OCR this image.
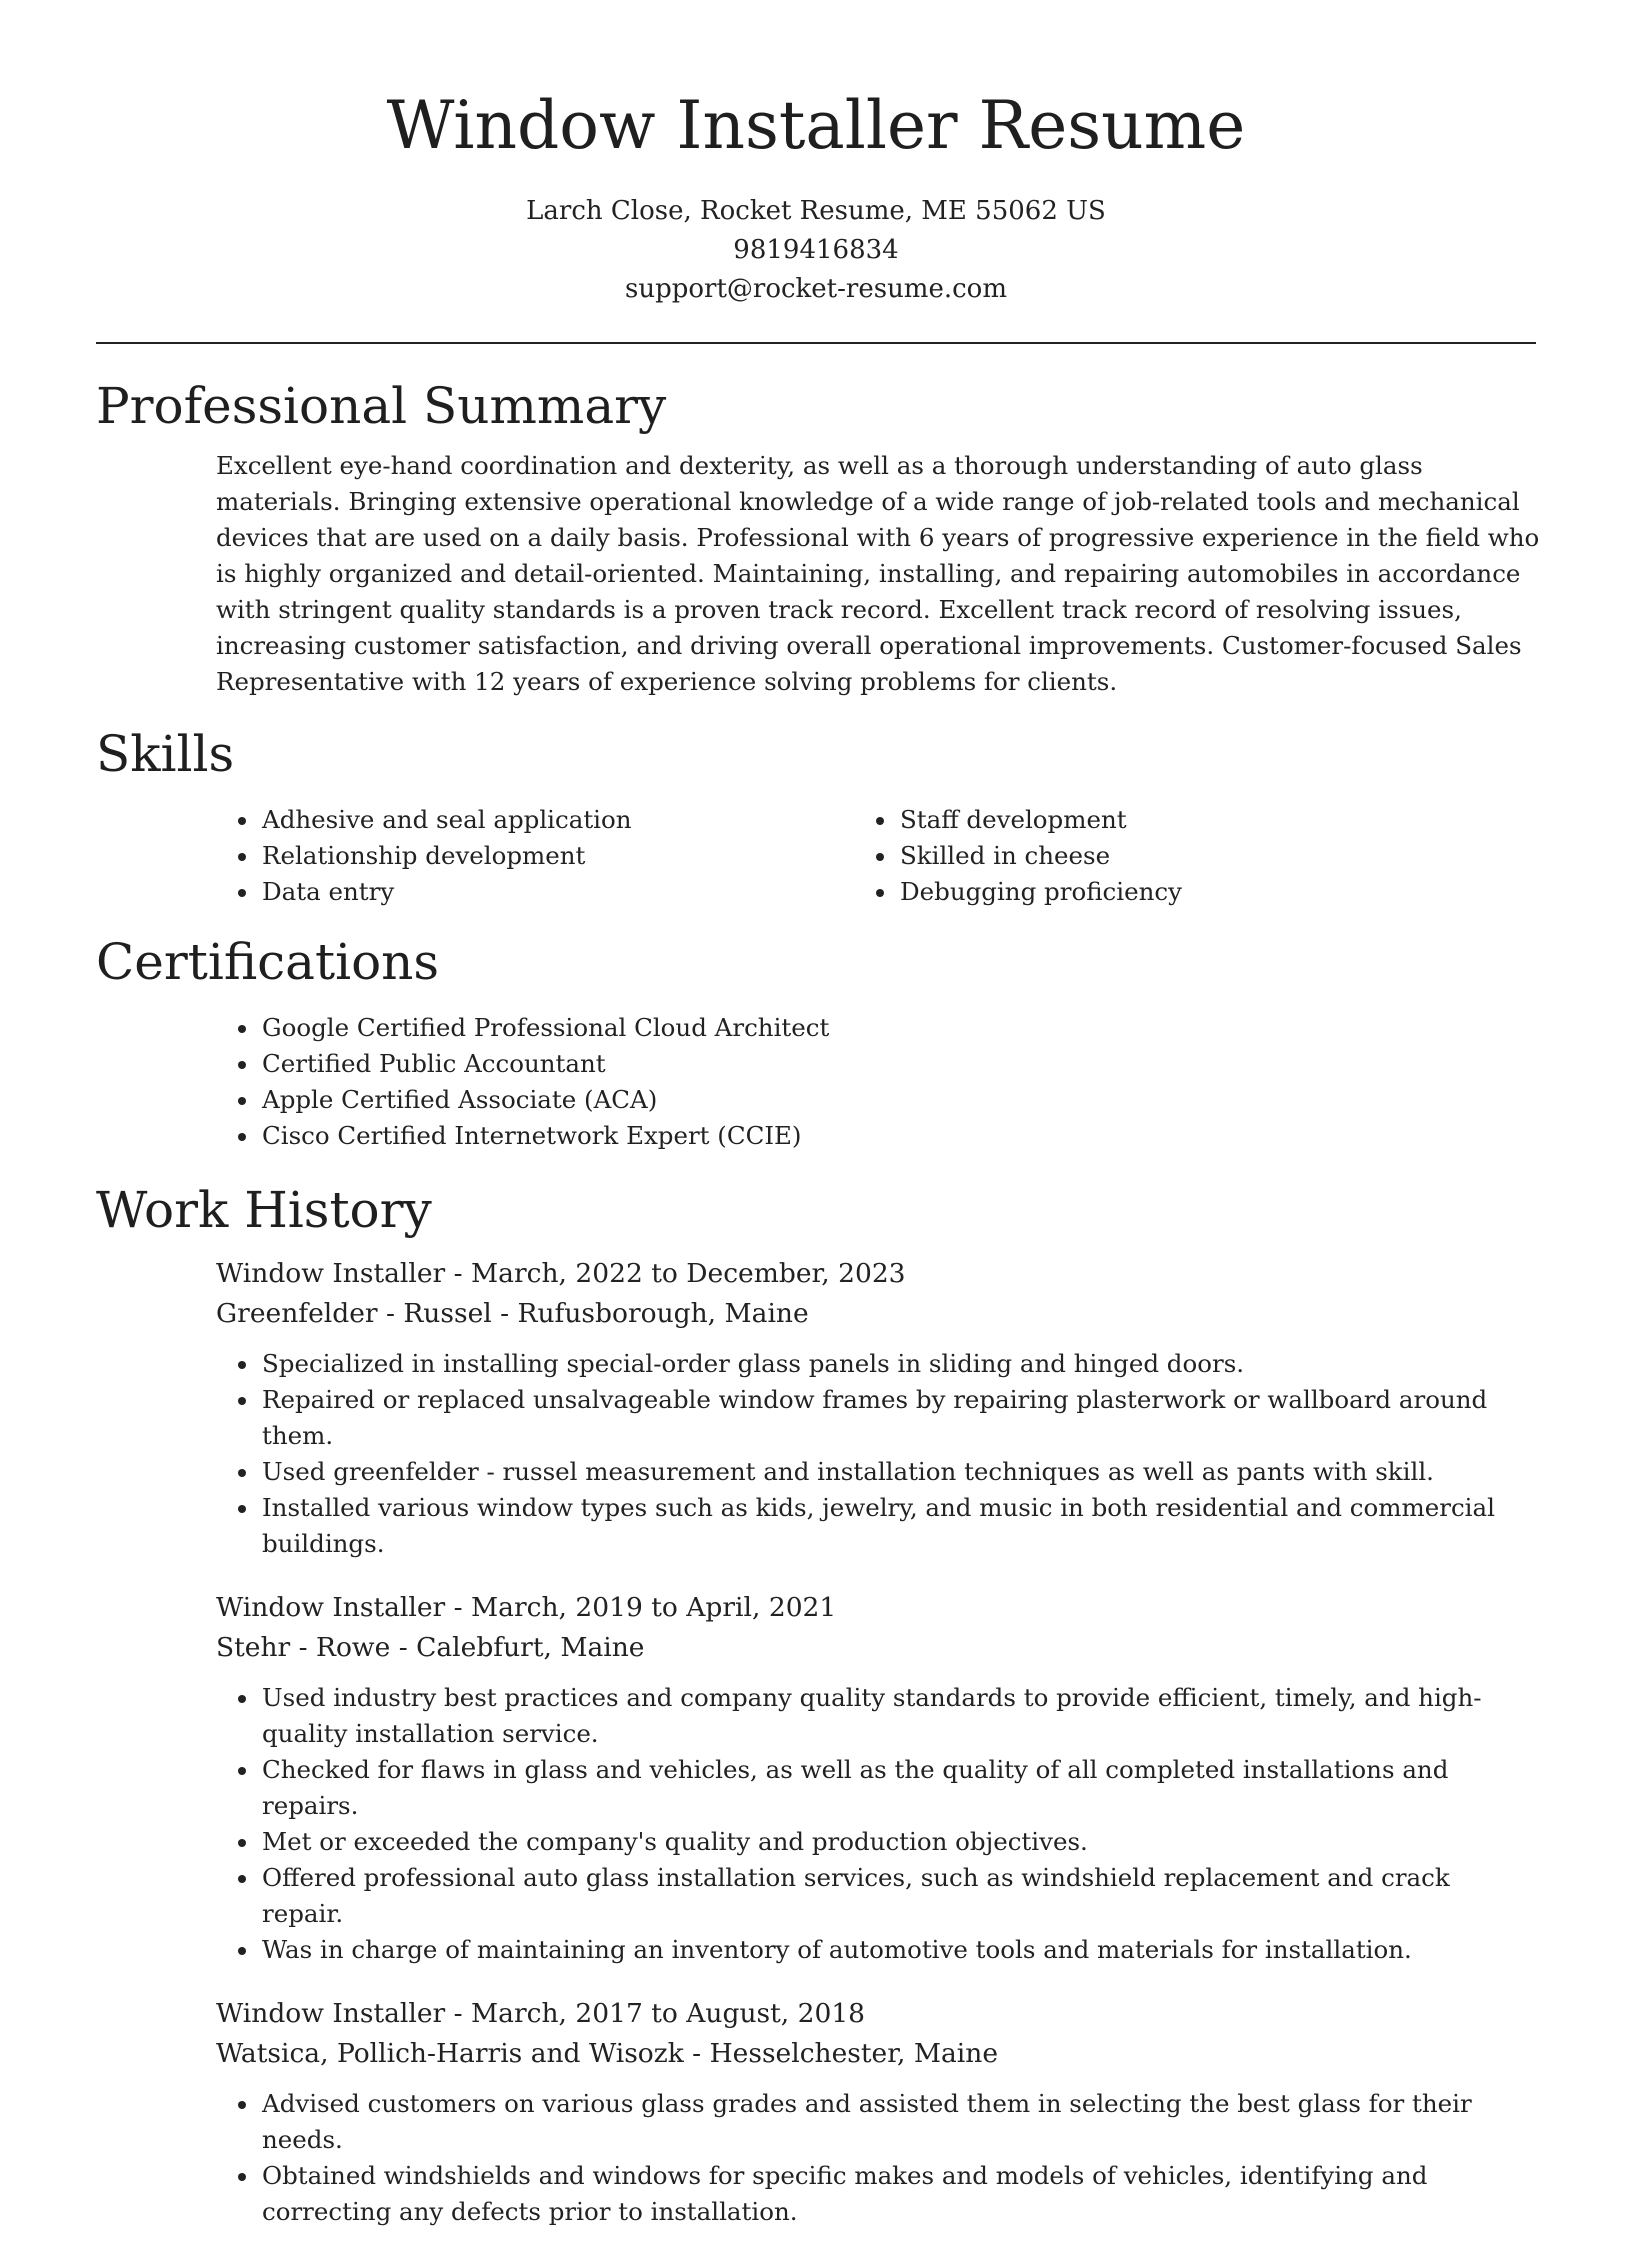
Window Installer Resume

Larch Close, Rocket Resume, ME 55062 US

9819416834

support@rocket-resume.com

Professional Summary

Excellent eye-hand coordination and dexterity, as well as a thorough understanding of auto glass materials. Bringing extensive operational knowledge of a wide range of job-related tools and mechanical devices that are used on a daily basis. Professional with 6 years of progressive experience in the field who is highly organized and detail-oriented. Maintaining, installing, and repairing automobiles in accordance with stringent quality standards is a proven track record. Excellent track record of resolving issues, increasing customer satisfaction, and driving overall operational improvements. Customer-focused Sales Representative with 12 years of experience solving problems for clients.

Skills
• Adhesive and seal application
• Relationship development
• Data entry
• Staff development
• Skilled in cheese
• Debugging proficiency
Certifications
• Google Certified Professional Cloud Architect
• Certified Public Accountant
• Apple Certified Associate (ACA)
• Cisco Certified Internetwork Expert (CCIE)
Work History
Window Installer - March, 2022 to December, 2023
Greenfelder - Russel - Rufusborough, Maine
• Specialized in installing special-order glass panels in sliding and hinged doors.
• Repaired or replaced unsalvageable window frames by repairing plasterwork or wallboard around them.
• Used greenfelder - russel measurement and installation techniques as well as pants with skill.
• Installed various window types such as kids, jewelry, and music in both residential and commercial buildings.
Window Installer - March, 2019 to April, 2021
Stehr - Rowe - Calebfurt, Maine
• Used industry best practices and company quality standards to provide efficient, timely, and high-quality installation service.
• Checked for flaws in glass and vehicles, as well as the quality of all completed installations and repairs.
• Met or exceeded the company's quality and production objectives.
• Offered professional auto glass installation services, such as windshield replacement and crack repair.
• Was in charge of maintaining an inventory of automotive tools and materials for installation.
Window Installer - March, 2017 to August, 2018
Watsica, Pollich-Harris and Wisozk - Hesselchester, Maine
• Advised customers on various glass grades and assisted them in selecting the best glass for their needs.
• Obtained windshields and windows for specific makes and models of vehicles, identifying and correcting any defects prior to installation.
